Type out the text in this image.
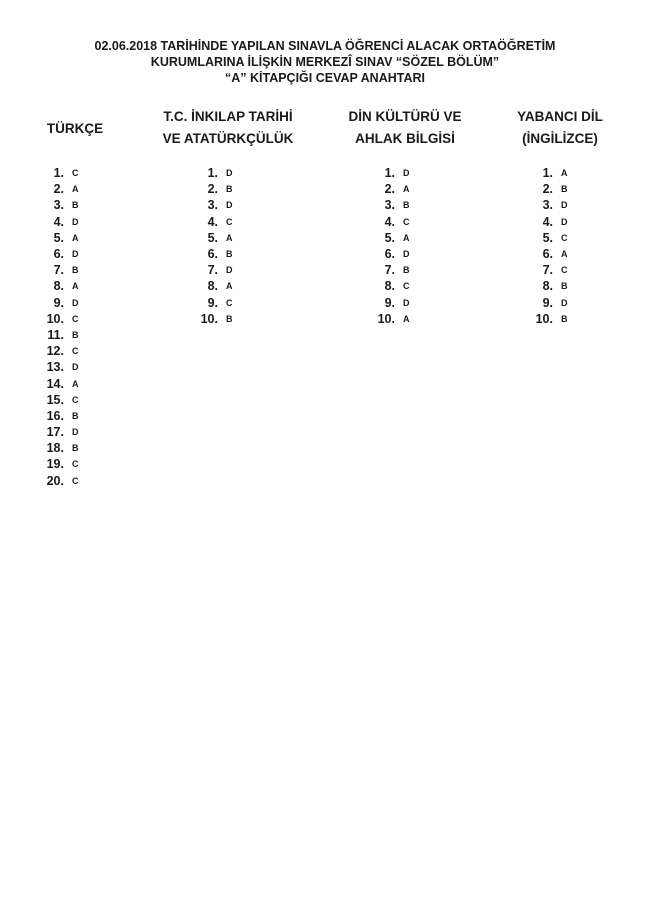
02.06.2018 TARİHİNDE YAPILAN SINAVLA ÖĞRENCİ ALACAK ORTAÖĞRETİM
KURUMLARINA İLİŞKİN MERKEZÎ SINAV “SÖZEL BÖLÜM”
“A” KİTAPÇIĞI CEVAP ANAHTARI
TÜRKÇE
T.C. İNKILAP TARİHİ
VE ATATÜRKÇÜLÜK
DİN KÜLTÜRÜ VE
AHLAK BİLGİSİ
YABANCI DİL
(İNGİLİZCE)
1. C
2. A
3. B
4. D
5. A
6. D
7. B
8. A
9. D
10. C
11. B
12. C
13. D
14. A
15. C
16. B
17. D
18. B
19. C
20. C
1. D
2. B
3. D
4. C
5. A
6. B
7. D
8. A
9. C
10. B
1. D
2. A
3. B
4. C
5. A
6. D
7. B
8. C
9. D
10. A
1. A
2. B
3. D
4. D
5. C
6. A
7. C
8. B
9. D
10. B
